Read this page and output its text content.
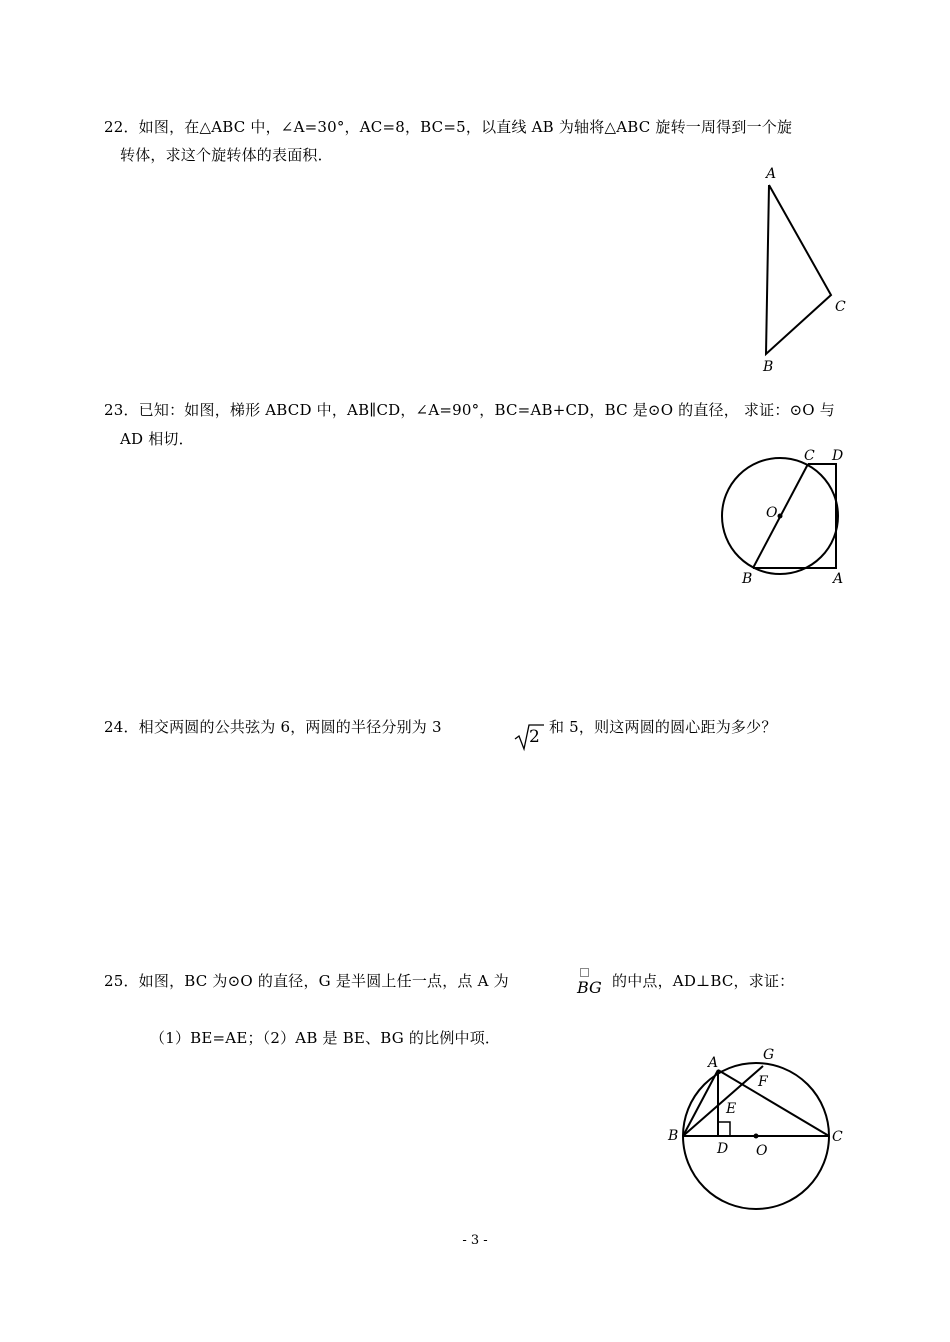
22．如图，在△ABC 中，∠A=30°，AC=8，BC=5，以直线 AB 为轴将△ABC 旋转一周得到一个旋
转体，求这个旋转体的表面积．
A
C
B
23．已知：如图，梯形 ABCD 中，AB∥CD，∠A=90°，BC=AB+CD，BC 是⊙O 的直径， 求证：⊙O 与
AD 相切．
C D
O
B	A
24．相交两圆的公共弦为 6，两圆的半径分别为 3	2 和 5，则这两圆的圆心距为多少？
25．如图，BC 为⊙O 的直径，G 是半圆上任一点，点 A 为	BG 的中点，AD⊥BC，求证：
（1）BE=AE；（2）AB 是 BE、BG 的比例中项．
A	G
F
E
B
D O
C
- 3 -
